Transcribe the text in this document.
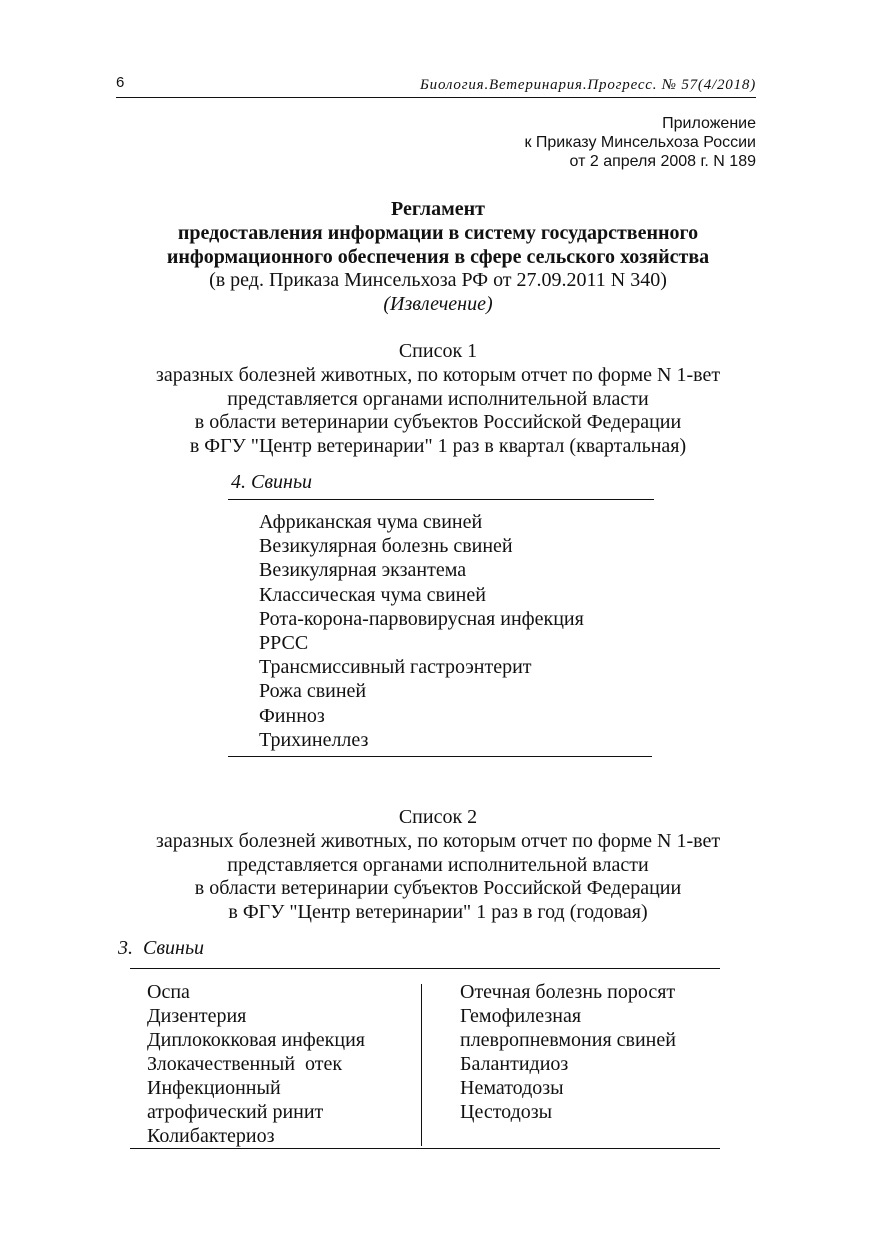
6	Биология.Ветеринария.Прогресс. № 57(4/2018)
Приложение
к Приказу Минсельхоза России
от 2 апреля 2008 г. N 189
Регламент
предоставления информации в систему государственного
информационного обеспечения в сфере сельского хозяйства
(в ред. Приказа Минсельхоза РФ от 27.09.2011 N 340)
(Извлечение)
Список 1
заразных болезней животных, по которым отчет по форме N 1-вет
представляется органами исполнительной власти
в области ветеринарии субъектов Российской Федерации
в ФГУ "Центр ветеринарии" 1 раз в квартал (квартальная)
4. Свиньи
Африканская чума свиней
Везикулярная болезнь свиней
Везикулярная экзантема
Классическая чума свиней
Рота-корона-парвовирусная инфекция
РРСС
Трансмиссивный гастроэнтерит
Рожа свиней
Финноз
Трихинеллез
Список 2
заразных болезней животных, по которым отчет по форме N 1-вет
представляется органами исполнительной власти
в области ветеринарии субъектов Российской Федерации
в ФГУ "Центр ветеринарии" 1 раз в год (годовая)
3.  Свиньи
Оспа
Дизентерия
Диплококковая инфекция
Злокачественный  отек
Инфекционный
атрофический ринит
Колибактериоз
Отечная болезнь поросят
Гемофилезная
плевропневмония свиней
Балантидиоз
Нематодозы
Цестодозы
